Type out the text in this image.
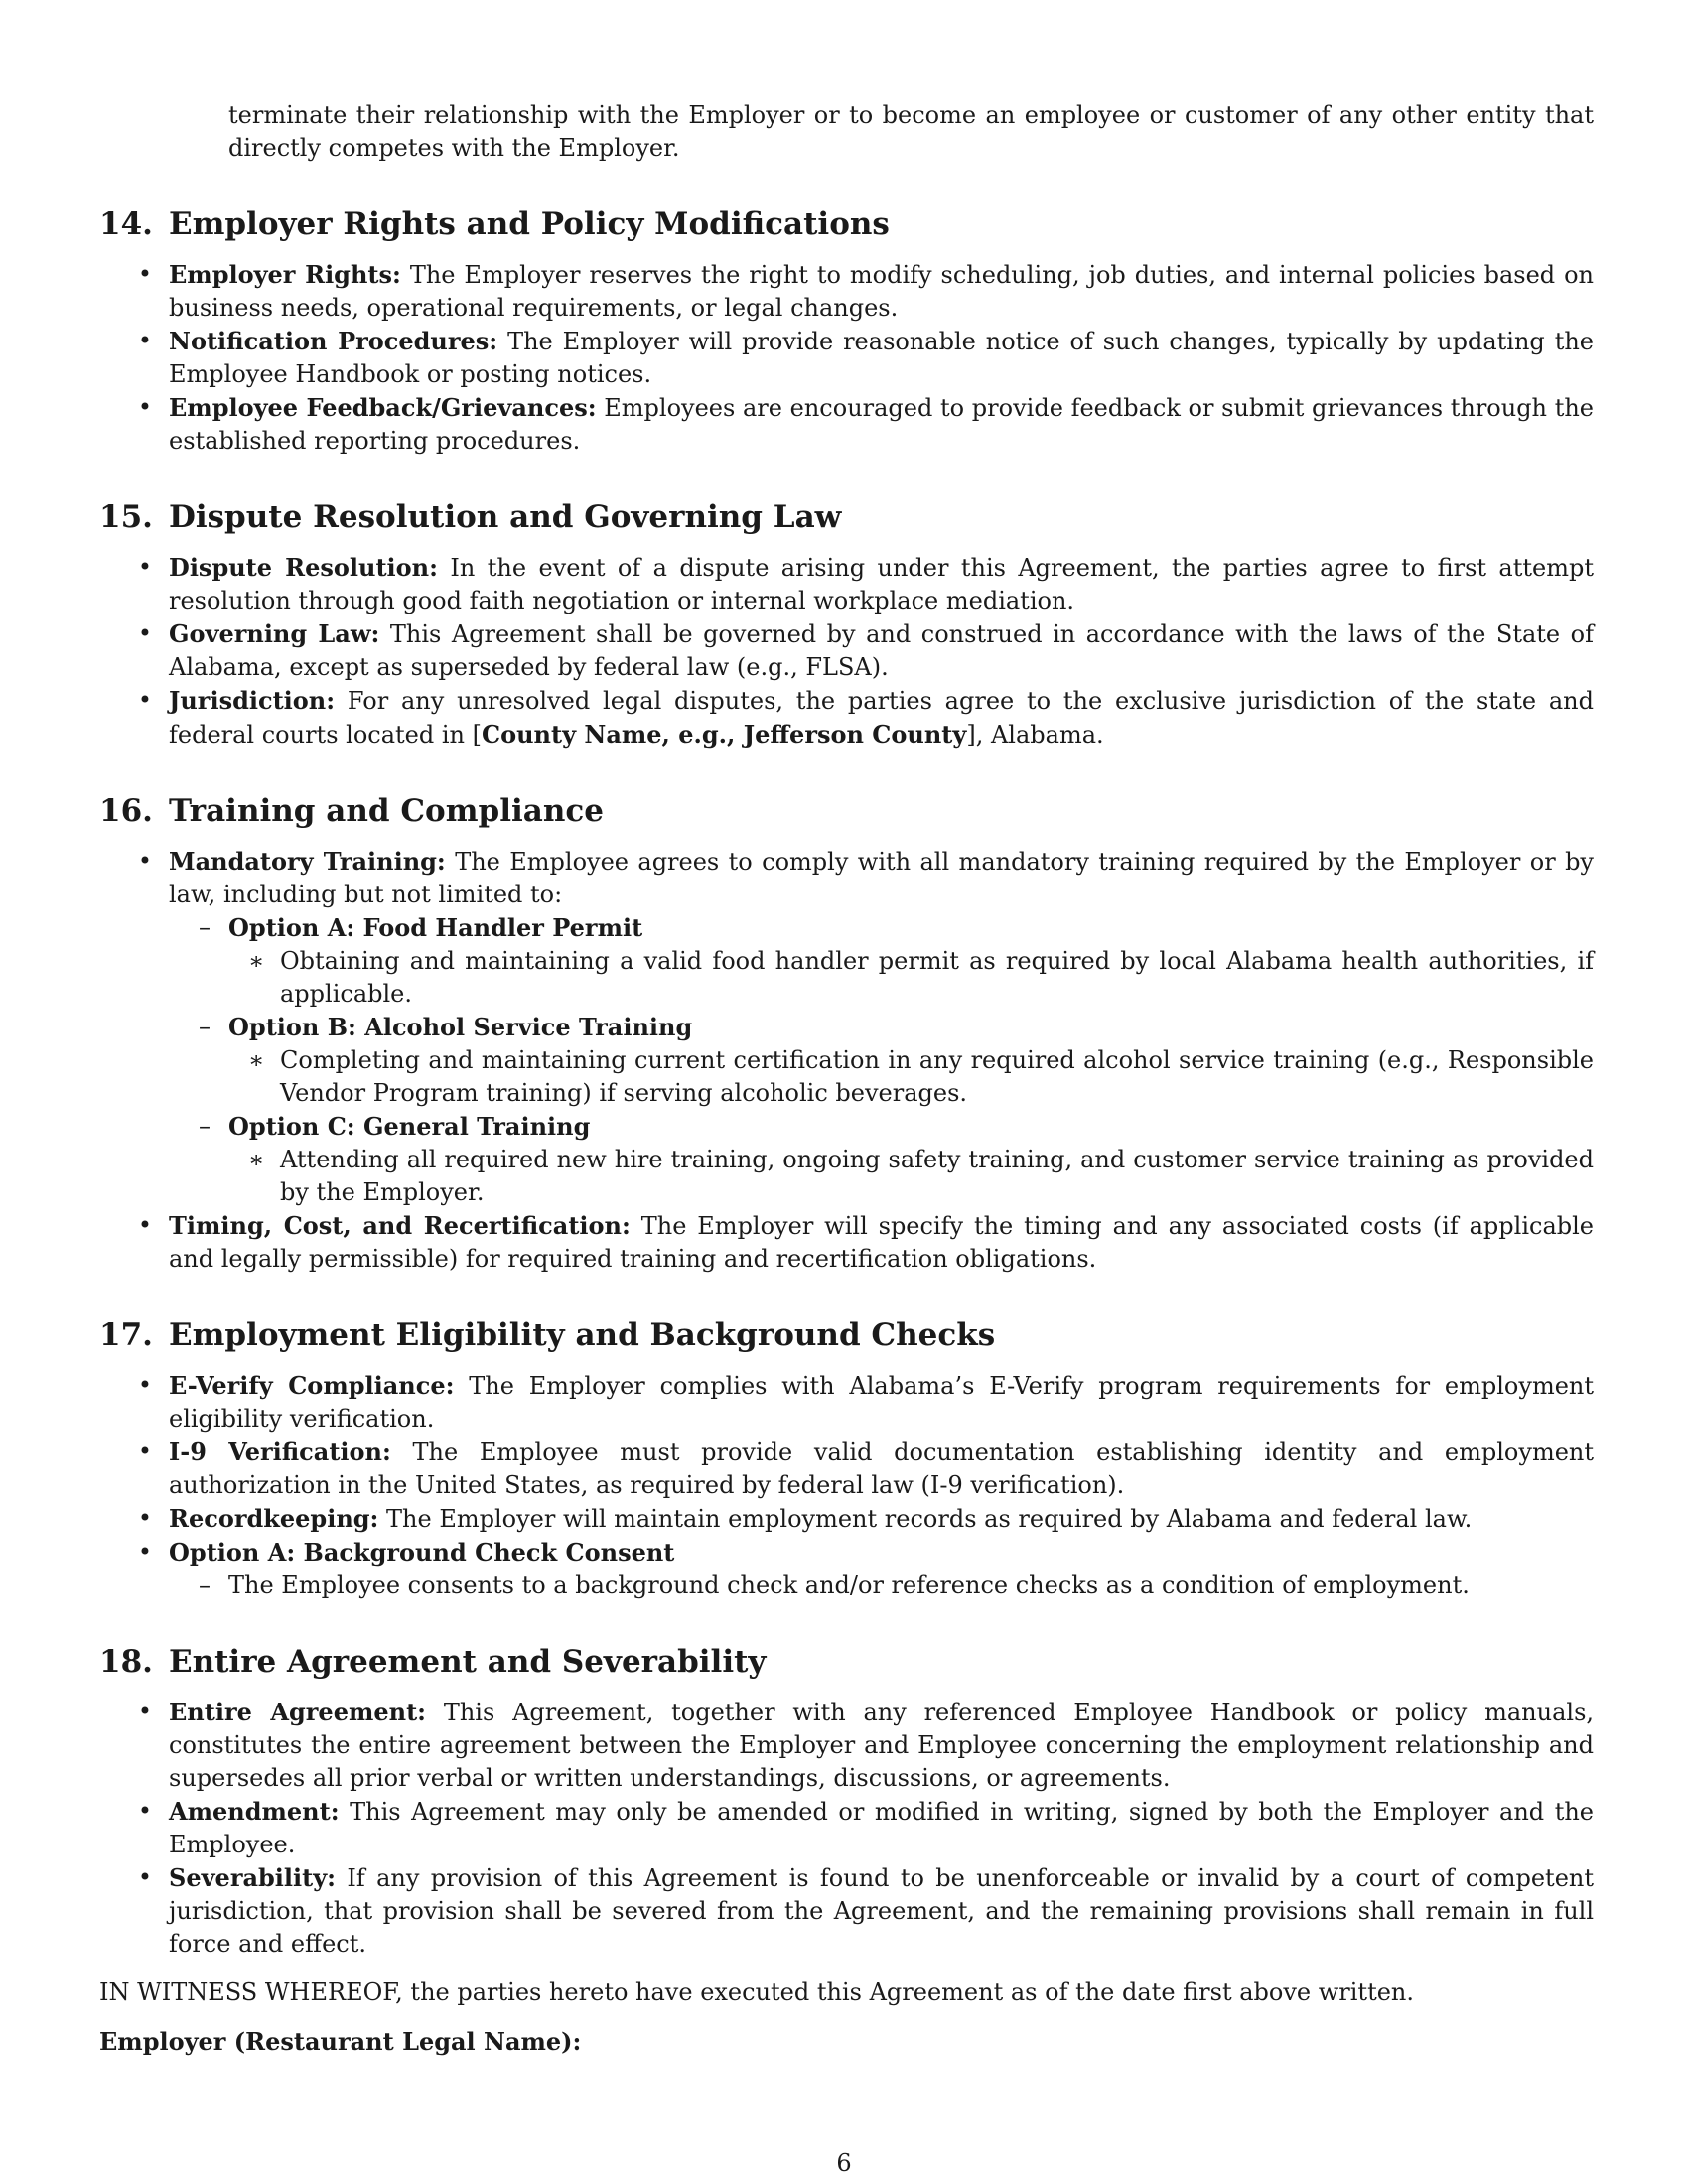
terminate their relationship with the Employer or to become an employee or customer of any other entity that directly competes with the Employer.

14. Employer Rights and Policy Modifications
• Employer Rights: The Employer reserves the right to modify scheduling, job duties, and internal policies based on business needs, operational requirements, or legal changes.
• Notification Procedures: The Employer will provide reasonable notice of such changes, typically by updating the Employee Handbook or posting notices.
• Employee Feedback/Grievances: Employees are encouraged to provide feedback or submit grievances through the established reporting procedures.
15. Dispute Resolution and Governing Law
• Dispute Resolution: In the event of a dispute arising under this Agreement, the parties agree to first attempt resolution through good faith negotiation or internal workplace mediation.
• Governing Law: This Agreement shall be governed by and construed in accordance with the laws of the State of Alabama, except as superseded by federal law (e.g., FLSA).
• Jurisdiction: For any unresolved legal disputes, the parties agree to the exclusive jurisdiction of the state and federal courts located in [County Name, e.g., Jefferson County], Alabama.
16. Training and Compliance
• Mandatory Training: The Employee agrees to comply with all mandatory training required by the Employer or by law, including but not limited to:
– Option A: Food Handler Permit
∗ Obtaining and maintaining a valid food handler permit as required by local Alabama health authorities, if applicable.
– Option B: Alcohol Service Training
∗ Completing and maintaining current certification in any required alcohol service training (e.g., Responsible Vendor Program training) if serving alcoholic beverages.
– Option C: General Training
∗ Attending all required new hire training, ongoing safety training, and customer service training as provided by the Employer.
• Timing, Cost, and Recertification: The Employer will specify the timing and any associated costs (if applicable and legally permissible) for required training and recertification obligations.
17. Employment Eligibility and Background Checks
• E-Verify Compliance: The Employer complies with Alabama’s E-Verify program requirements for employment eligibility verification.
• I-9 Verification: The Employee must provide valid documentation establishing identity and employment authorization in the United States, as required by federal law (I-9 verification).
• Recordkeeping: The Employer will maintain employment records as required by Alabama and federal law.
• Option A: Background Check Consent
– The Employee consents to a background check and/or reference checks as a condition of employment.
18. Entire Agreement and Severability
• Entire Agreement: This Agreement, together with any referenced Employee Handbook or policy manuals, constitutes the entire agreement between the Employer and Employee concerning the employment relationship and supersedes all prior verbal or written understandings, discussions, or agreements.
• Amendment: This Agreement may only be amended or modified in writing, signed by both the Employer and the Employee.
• Severability: If any provision of this Agreement is found to be unenforceable or invalid by a court of competent jurisdiction, that provision shall be severed from the Agreement, and the remaining provisions shall remain in full force and effect.

IN WITNESS WHEREOF, the parties hereto have executed this Agreement as of the date first above written.

Employer (Restaurant Legal Name):

6
